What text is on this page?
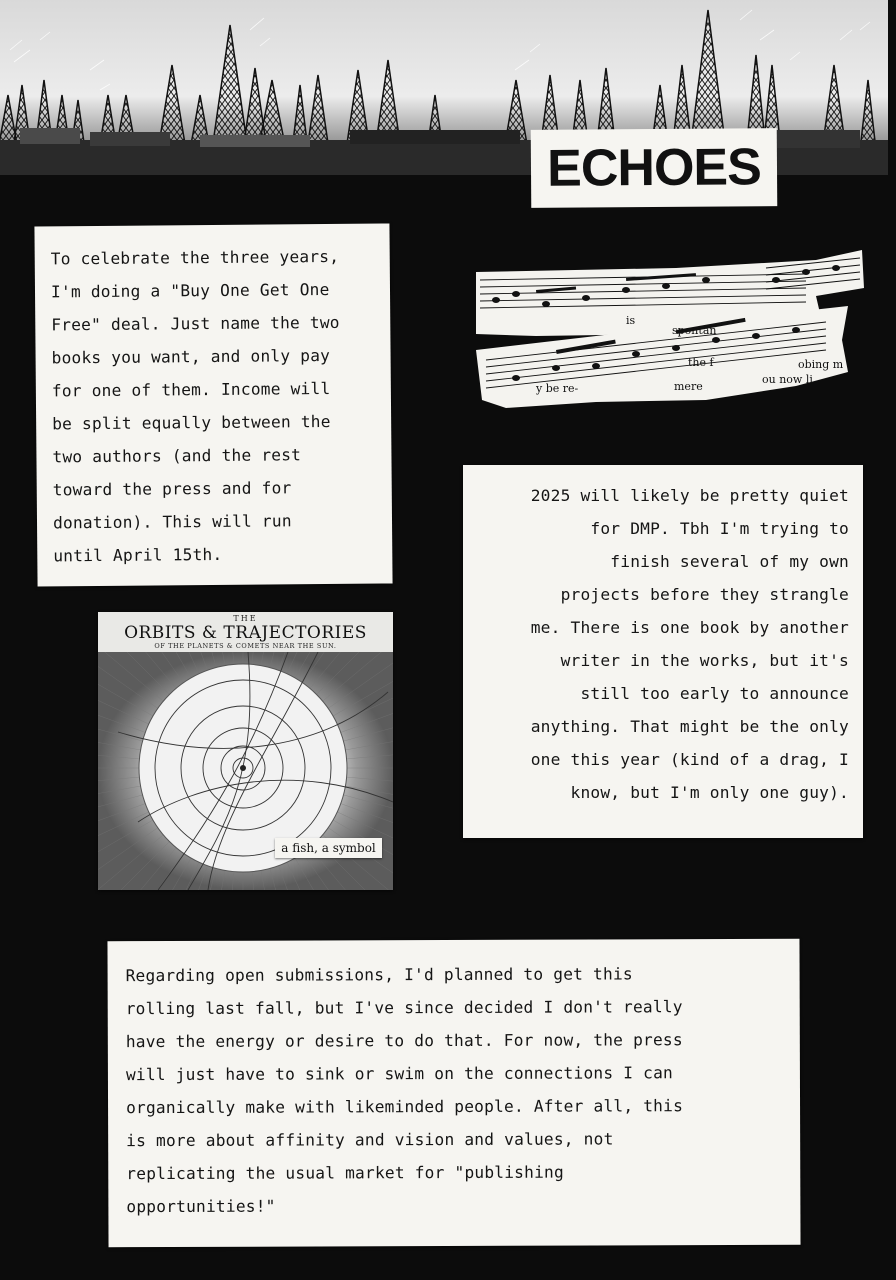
ECHOES
To celebrate the three years,
I'm doing a "Buy One Get One
Free" deal. Just name the two
books you want, and only pay
for one of them. Income will
be split equally between the
two authors (and the rest
toward the press and for
donation). This will run
until April 15th.
is
spontan
obing m
y be re-	mere
ou now li
the f
2025 will likely be pretty quiet
for DMP. Tbh I'm trying to
finish several of my own
projects before they strangle
me. There is one book by another
writer in the works, but it's
still too early to announce
anything. That might be the only
one this year (kind of a drag, I
know, but I'm only one guy).
THE
ORBITS & TRAJECTORIES
OF THE PLANETS & COMETS NEAR THE SUN.
a fish, a symbol
Regarding open submissions, I'd planned to get this
rolling last fall, but I've since decided I don't really
have the energy or desire to do that. For now, the press
will just have to sink or swim on the connections I can
organically make with likeminded people. After all, this
is more about affinity and vision and values, not
replicating the usual market for "publishing
opportunities!"
